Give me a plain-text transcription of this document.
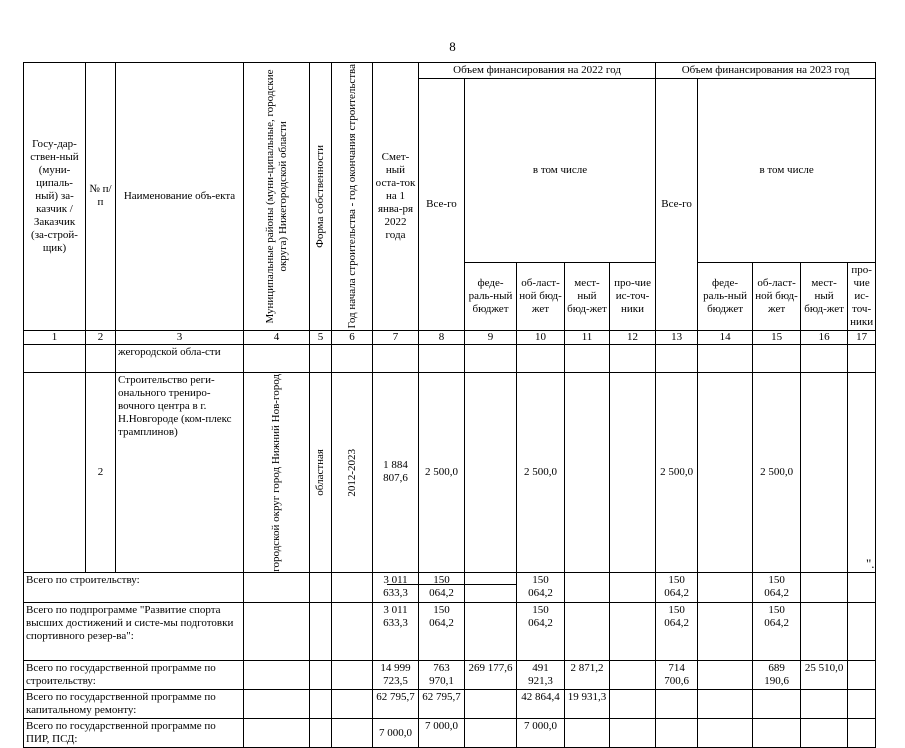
8
Госу-дар-ствен-ный (муни-ципаль-ный) за-казчик / Заказчик (за-строй-щик)	№ п/п	Наименование объ-екта	Муниципальные районы (муни-ципальные, городские округа) Нижегородской области	Форма собственности	Год начала строительства - год окончания строительства	Смет-ный оста-ток на 1 янва-ря 2022 года	Объем финансирования на 2022 год					Объем финансирования на 2023 год				
							Все-го	в том числе				Все-го	в том числе			
								феде-раль-ный бюджет	об-ласт-ной бюд-жет	мест-ный бюд-жет	про-чие ис-точ-ники		феде-раль-ный бюджет	об-ласт-ной бюд-жет	мест-ный бюд-жет	про-чие ис-точ-ники
1	2	3	4	5	6	7	8	9	10	11	12	13	14	15	16	17
		жегородской обла-сти														
	2	Строительство реги-онального трениро-вочного центра в г. Н.Новгороде (ком-плекс трамплинов)	городской округ город Нижний Нов-город	областная	2012-2023	1 884 807,6	2 500,0		2 500,0			2 500,0		2 500,0		
Всего по строительству:						3 011 633,3	150 064,2		150 064,2			150 064,2		150 064,2		
Всего по подпрограмме "Развитие спорта высших достижений и систе-мы подготовки спортивного резер-ва":						3 011 633,3	150 064,2		150 064,2			150 064,2		150 064,2		
Всего по государственной программе по строительству:						14 999 723,5	763 970,1	269 177,6	491 921,3	2 871,2		714 700,6		689 190,6	25 510,0	
Всего по государственной программе по капитальному ремонту:						62 795,7	62 795,7		42 864,4	19 931,3						
Всего по государственной программе по ПИР, ПСД:						7 000,0	7 000,0		7 000,0							
".
